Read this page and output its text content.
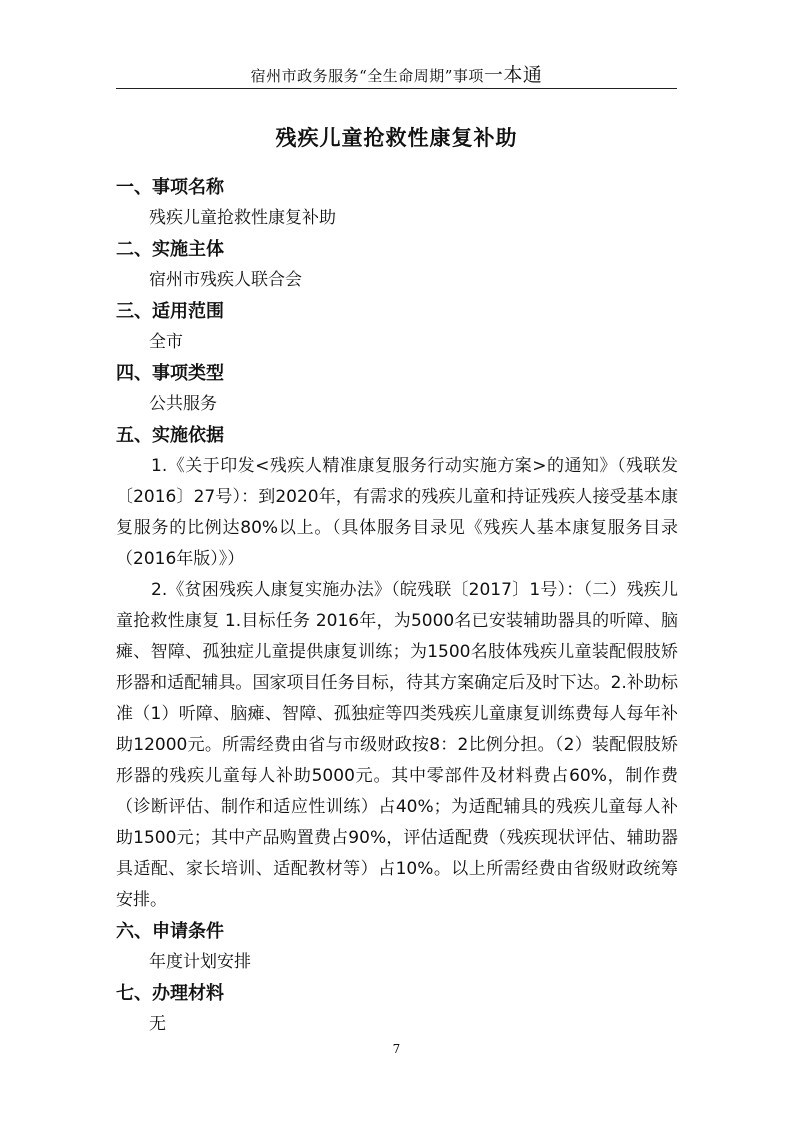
宿州市政务服务“全生命周期”事项一本通
残疾儿童抢救性康复补助
一、事项名称
残疾儿童抢救性康复补助
二、实施主体
宿州市残疾人联合会
三、适用范围
全市
四、事项类型
公共服务
五、实施依据
1.《关于印发<残疾人精准康复服务行动实施方案>的通知》（残联发〔2016〕27号）：到2020年，有需求的残疾儿童和持证残疾人接受基本康复服务的比例达80%以上。（具体服务目录见《残疾人基本康复服务目录（2016年版）》）
2.《贫困残疾人康复实施办法》（皖残联〔2017〕1号）：（二）残疾儿童抢救性康复 1.目标任务 2016年，为5000名已安装辅助器具的听障、脑瘫、智障、孤独症儿童提供康复训练；为1500名肢体残疾儿童装配假肢矫形器和适配辅具。国家项目任务目标，待其方案确定后及时下达。2.补助标准（1）听障、脑瘫、智障、孤独症等四类残疾儿童康复训练费每人每年补助12000元。所需经费由省与市级财政按8：2比例分担。（2）装配假肢矫形器的残疾儿童每人补助5000元。其中零部件及材料费占60%，制作费（诊断评估、制作和适应性训练）占40%；为适配辅具的残疾儿童每人补助1500元；其中产品购置费占90%，评估适配费（残疾现状评估、辅助器具适配、家长培训、适配教材等）占10%。以上所需经费由省级财政统筹安排。
六、申请条件
年度计划安排
七、办理材料
无
7
